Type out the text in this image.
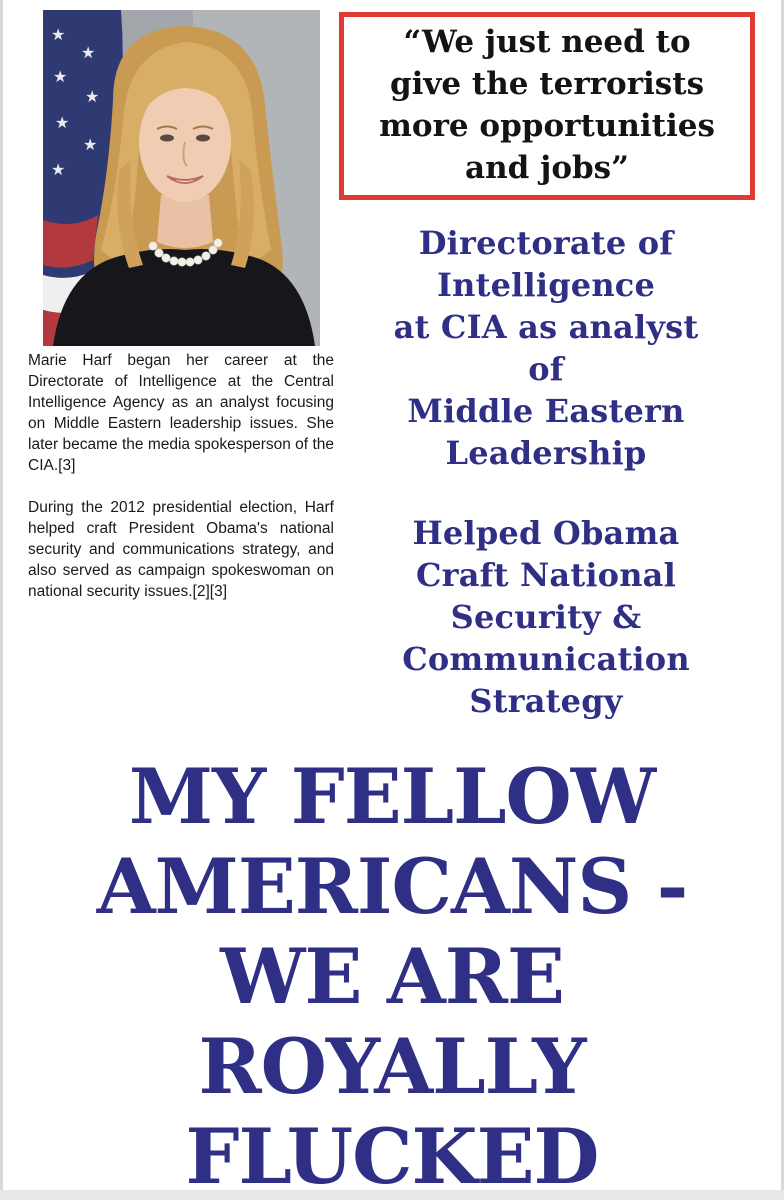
★
★
★
★
★
★
★

Marie Harf began her career at the Directorate of Intelligence at the Central Intelligence Agency as an analyst focusing on Middle Eastern leadership issues. She later became the media spokesperson of the CIA.[3]

During the 2012 presidential election, Harf helped craft President Obama's national security and communications strategy, and also served as campaign spokeswoman on national security issues.[2][3]

“We just need to
give the terrorists
more opportunities
and jobs”
Directorate of
Intelligence
at CIA as analyst
of
Middle Eastern
Leadership
Helped Obama
Craft National
Security &
Communication
Strategy
MY FELLOW
AMERICANS -
WE ARE
ROYALLY
FLUCKED
